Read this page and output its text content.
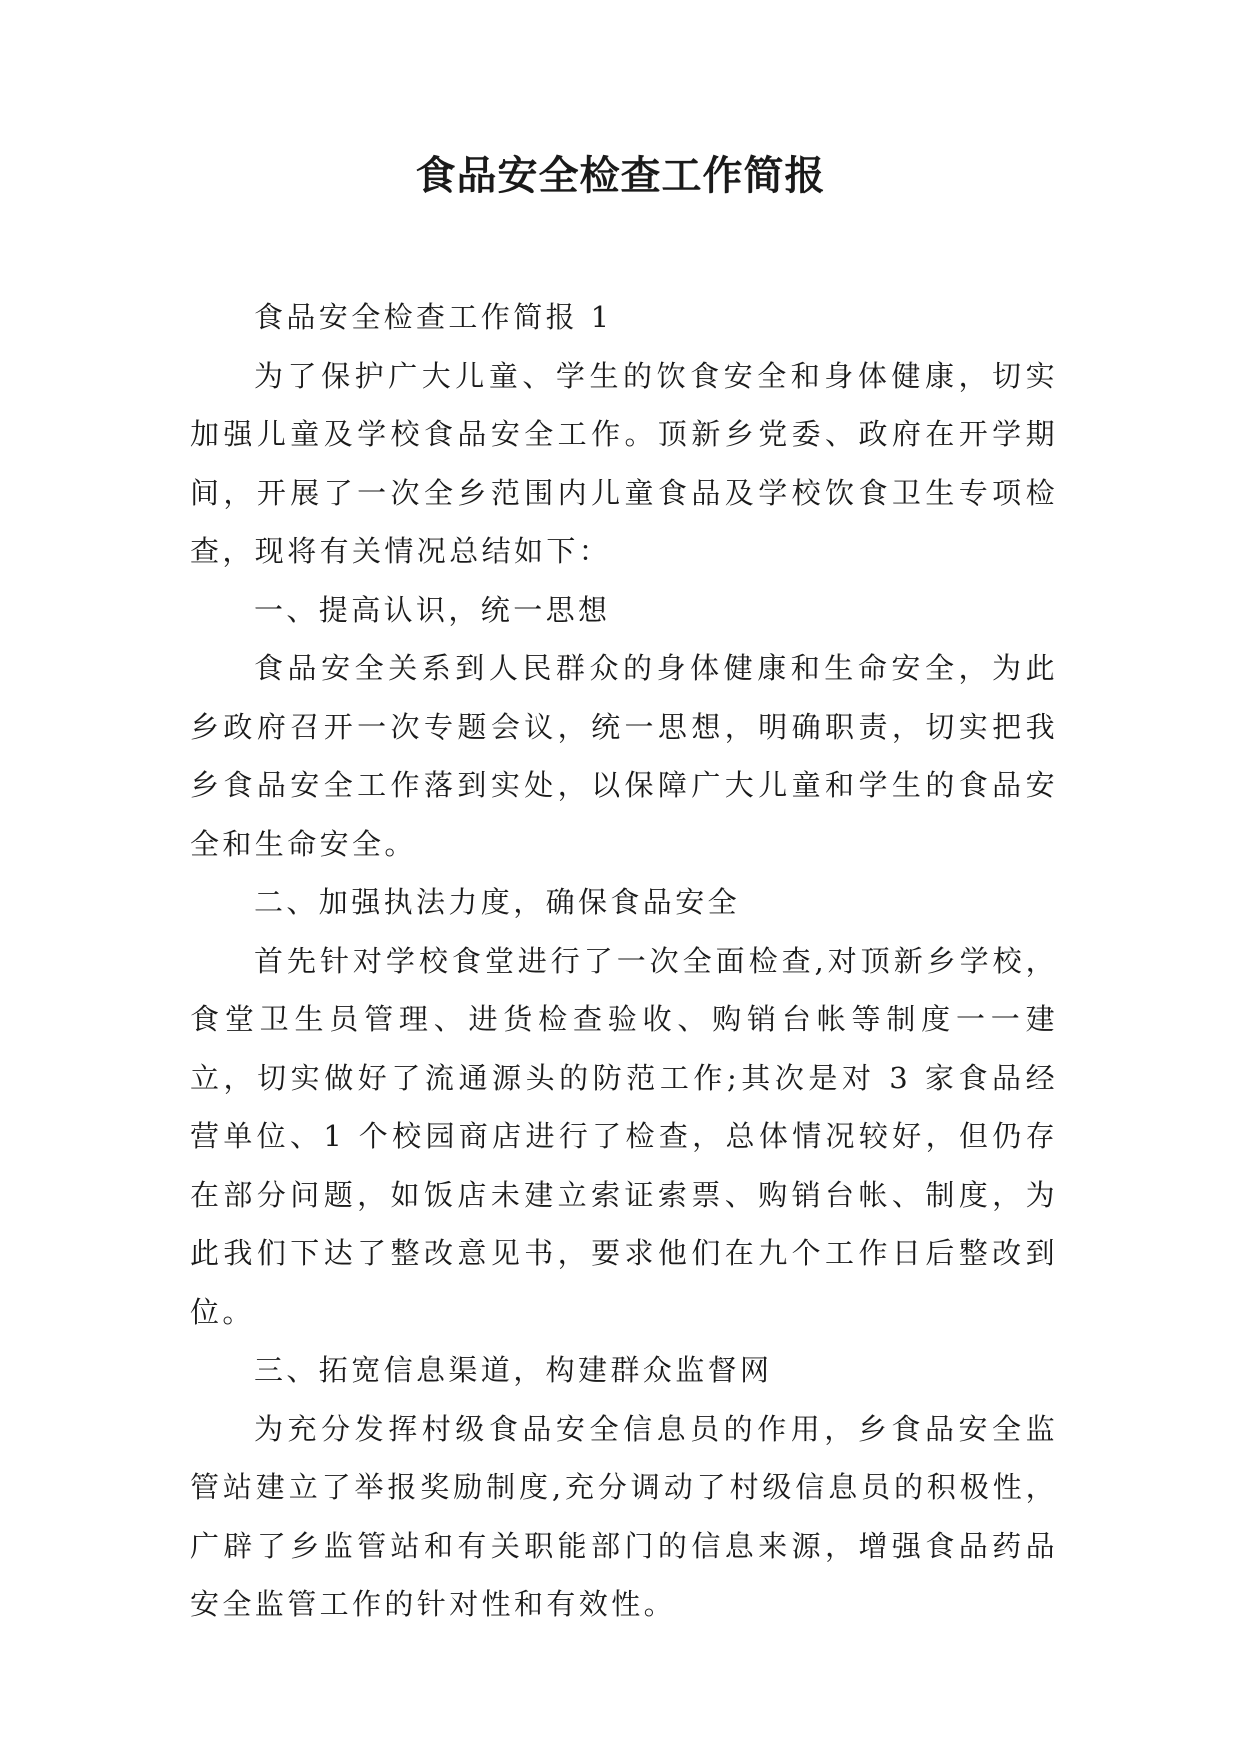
食品安全检查工作简报

食品安全检查工作简报 1

为了保护广大儿童、学生的饮食安全和身体健康，切实加强儿童及学校食品安全工作。顶新乡党委、政府在开学期间，开展了一次全乡范围内儿童食品及学校饮食卫生专项检查，现将有关情况总结如下：

一、提高认识，统一思想

食品安全关系到人民群众的身体健康和生命安全，为此乡政府召开一次专题会议，统一思想，明确职责，切实把我乡食品安全工作落到实处，以保障广大儿童和学生的食品安全和生命安全。

二、加强执法力度，确保食品安全

首先针对学校食堂进行了一次全面检查,对顶新乡学校，食堂卫生员管理、进货检查验收、购销台帐等制度一一建立，切实做好了流通源头的防范工作;其次是对 3 家食品经营单位、1 个校园商店进行了检查，总体情况较好，但仍存在部分问题，如饭店未建立索证索票、购销台帐、制度，为此我们下达了整改意见书，要求他们在九个工作日后整改到位。

三、拓宽信息渠道，构建群众监督网

为充分发挥村级食品安全信息员的作用，乡食品安全监管站建立了举报奖励制度,充分调动了村级信息员的积极性，广辟了乡监管站和有关职能部门的信息来源，增强食品药品安全监管工作的针对性和有效性。
